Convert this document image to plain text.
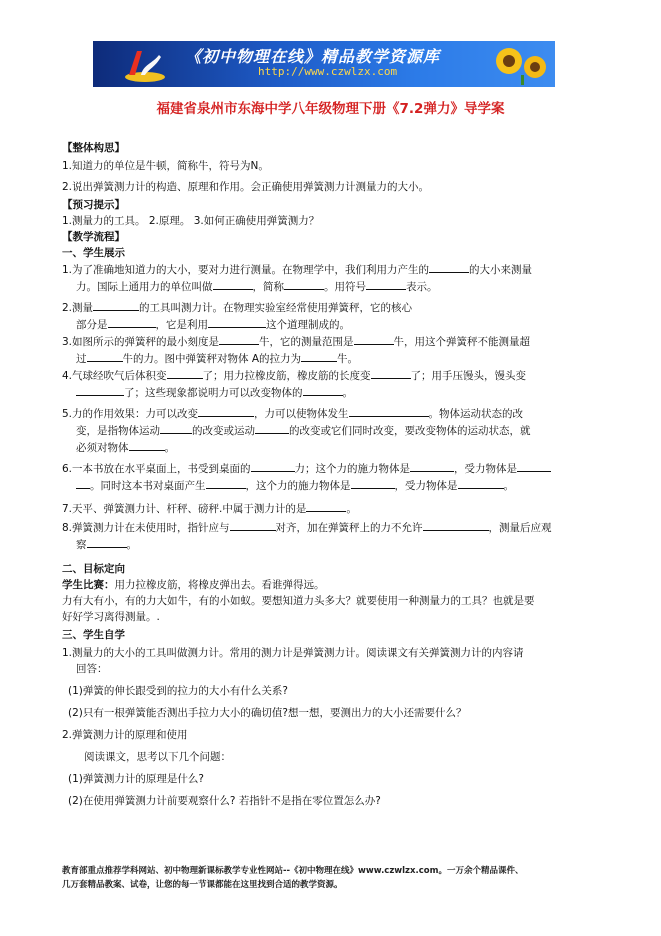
《初中物理在线》精品教学资源库
http://www.czwlzx.com
福建省泉州市东海中学八年级物理下册《7.2弹力》导学案
【整体构思】
1.知道力的单位是牛顿，简称牛，符号为N。
2.说出弹簧测力计的构造、原理和作用。会正确使用弹簧测力计测量力的大小。
【预习提示】
1.测量力的工具。 2.原理。 3.如何正确使用弹簧测力？
【教学流程】
一、学生展示
1.为了准确地知道力的大小，要对力进行测量。在物理学中，我们利用力产生的	的大小来测量
力。国际上通用力的单位叫做	，简称	。用符号	表示。
2.测量	的工具叫测力计。在物理实验室经常使用弹簧秤，它的核心
部分是	，它是利用	这个道理制成的。
3.如图所示的弹簧秤的最小刻度是	牛，它的测量范围是	牛，用这个弹簧秤不能测量超
过	牛的力。图中弹簧秤对物体 A的拉力为	牛。
4.气球经吹气后体积变	了；用力拉橡皮筋，橡皮筋的长度变	了；用手压馒头，馒头变
了；这些现象都说明力可以改变物体的	。
5.力的作用效果：力可以改变	，力可以使物体发生	。物体运动状态的改
变，是指物体运动	的改变或运动	的改变或它们同时改变，要改变物体的运动状态，就
必须对物体	。
6.一本书放在水平桌面上，书受到桌面的	力；这个力的施力物体是	，受力物体是
。同时这本书对桌面产生	，这个力的施力物体是	，受力物体是	。
7.天平、弹簧测力计、杆秤、磅秤.中属于测力计的是	。
8.弹簧测力计在未使用时，指针应与	对齐，加在弹簧秤上的力不允许	，测量后应观
察	。
二、目标定向
学生比赛：用力拉橡皮筋，将橡皮弹出去。看谁弹得远。
力有大有小，有的力大如牛，有的小如蚁。要想知道力头多大？就要使用一种测量力的工具？也就是要
好好学习离得测量。.
三、学生自学
1.测量力的大小的工具叫做测力计。常用的测力计是弹簧测力计。阅读课文有关弹簧测力计的内容请
回答：
(1)弹簧的伸长跟受到的拉力的大小有什么关系?
(2)只有一根弹簧能否测出手拉力大小的确切值?想一想，要测出力的大小还需要什么？
2.弹簧测力计的原理和使用
阅读课文，思考以下几个问题：
(1)弹簧测力计的原理是什么?
(2)在使用弹簧测力计前要观察什么? 若指针不是指在零位置怎么办?
教育部重点推荐学科网站、初中物理新课标教学专业性网站--《初中物理在线》www.czwlzx.com。一万余个精品课件、
几万套精品教案、试卷，让您的每一节课都能在这里找到合适的教学资源。
